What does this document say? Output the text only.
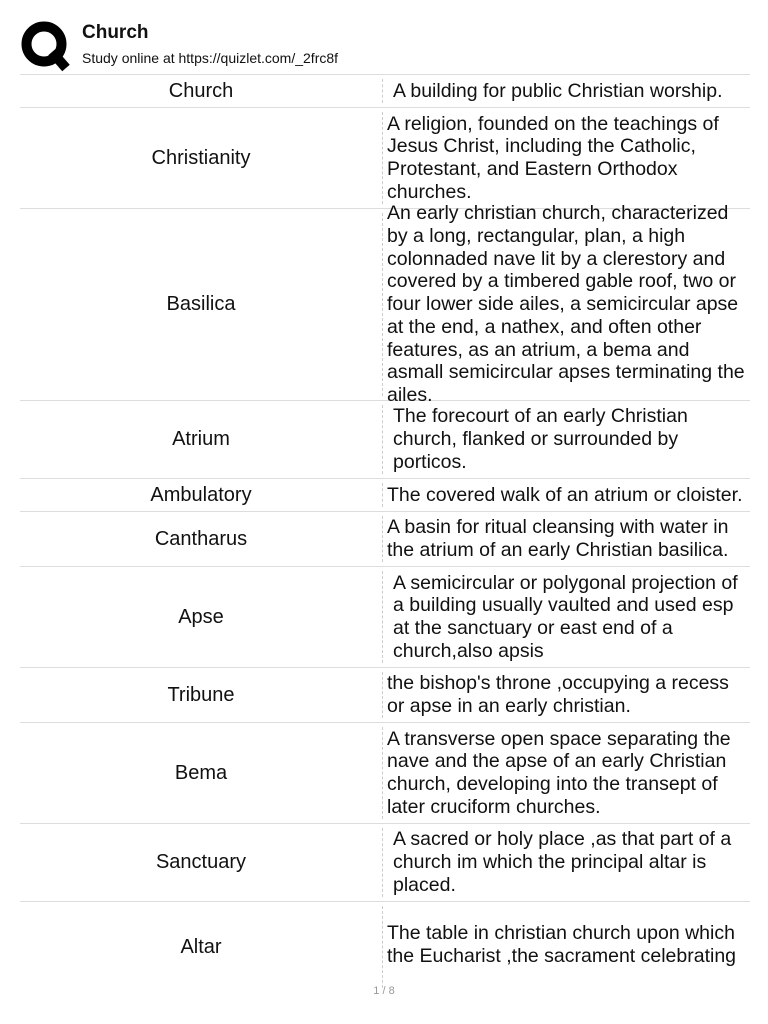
Church
Study online at https://quizlet.com/_2frc8f
Church	A building for public Christian worship.
Christianity
A religion, founded on the teachings of Jesus Christ, including the Catholic, Protestant, and Eastern Orthodox churches.
Basilica
An early christian church, characterized by a long, rectangular, plan, a high colonnaded nave lit by a clerestory and covered by a timbered gable roof, two or four lower side ailes, a semicircular apse at the end, a nathex, and often other features, as an atrium, a bema and asmall semicircular apses terminating the ailes.
Atrium
The forecourt of an early Christian church, flanked or surrounded by porticos.
Ambulatory	The covered walk of an atrium or cloister.
Cantharus
A basin for ritual cleansing with water in the atrium of an early Christian basilica.
Apse
A semicircular or polygonal projection of a building usually vaulted and used esp at the sanctuary or east end of a church,also apsis
Tribune
the bishop's throne ,occupying a recess or apse in an early christian.
Bema
A transverse open space separating the nave and the apse of an early Christian church, developing into the transept of later cruciform churches.
Sanctuary
A sacred or holy place ,as that part of a church im which the principal altar is placed.
Altar
The table in christian church upon which the Eucharist ,the sacrament celebrating
1 / 8
